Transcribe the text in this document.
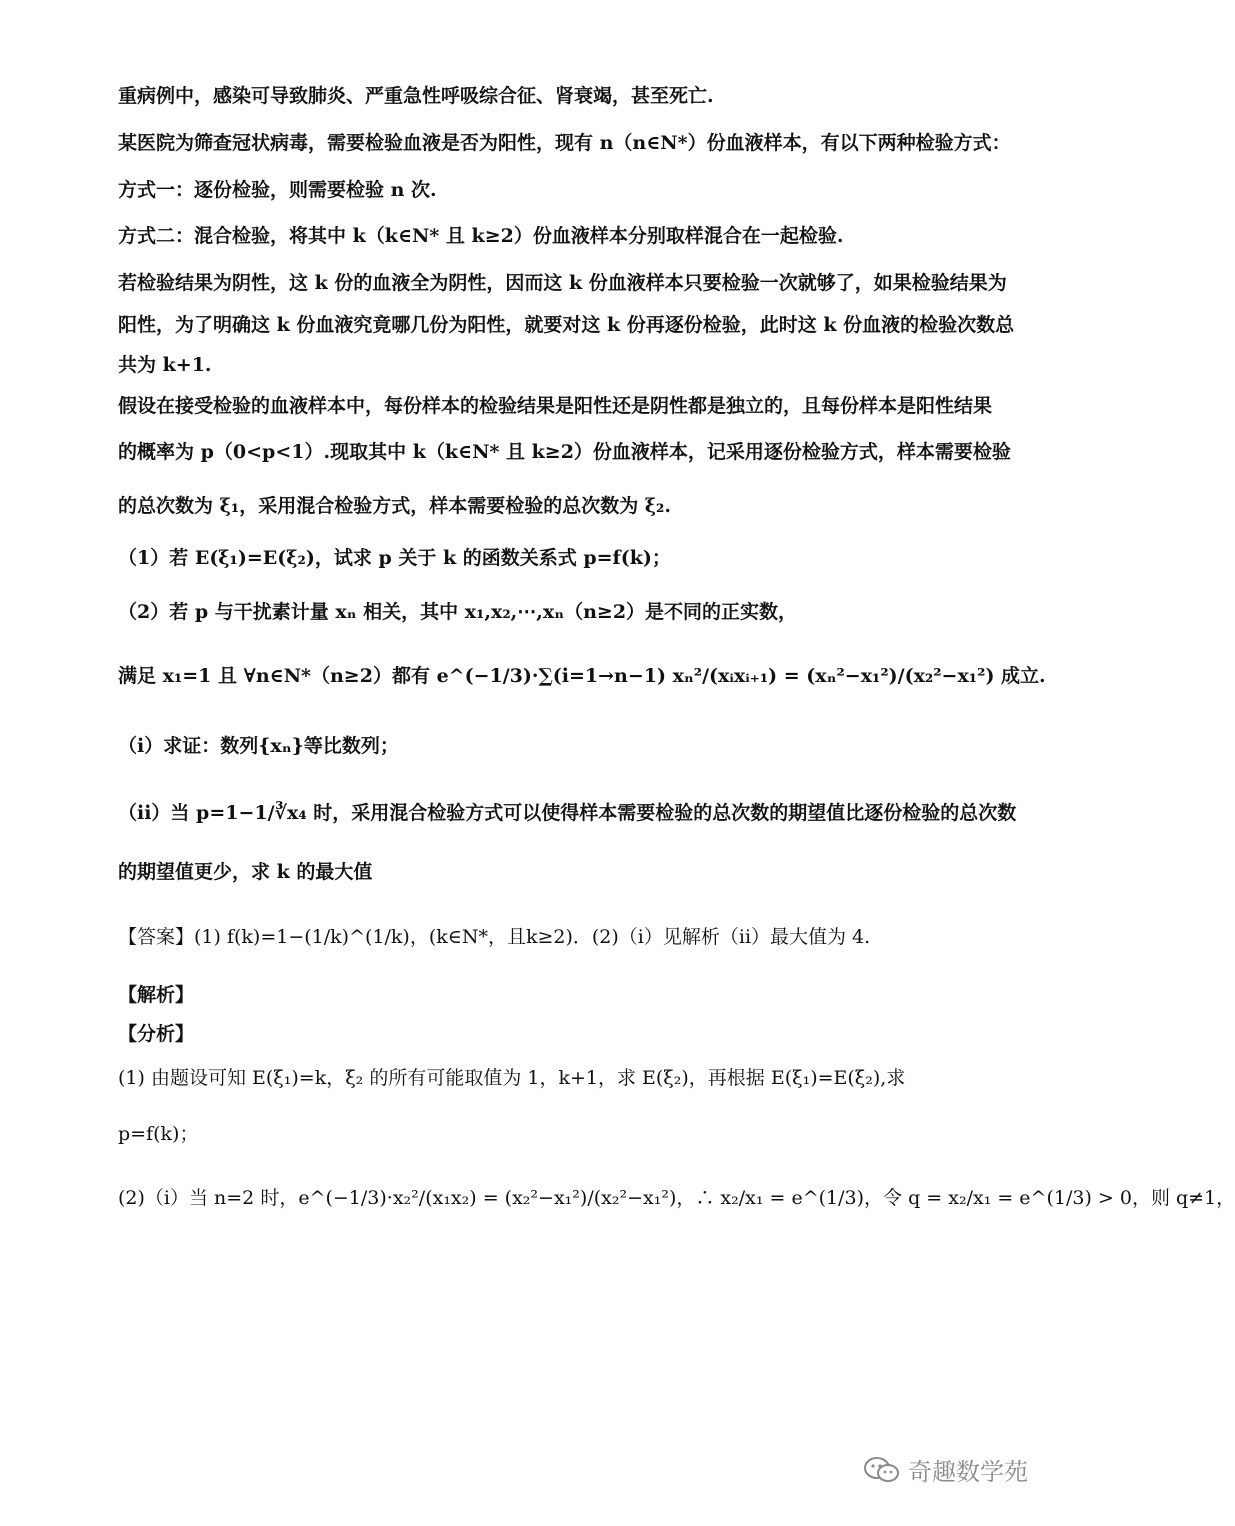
重病例中，感染可导致肺炎、严重急性呼吸综合征、肾衰竭，甚至死亡.
某医院为筛查冠状病毒，需要检验血液是否为阳性，现有 n（n∈N*）份血液样本，有以下两种检验方式：
方式一：逐份检验，则需要检验 n 次.
方式二：混合检验，将其中 k（k∈N* 且 k≥2）份血液样本分别取样混合在一起检验.
若检验结果为阴性，这 k 份的血液全为阴性，因而这 k 份血液样本只要检验一次就够了，如果检验结果为
阳性，为了明确这 k 份血液究竟哪几份为阳性，就要对这 k 份再逐份检验，此时这 k 份血液的检验次数总
共为 k+1.
假设在接受检验的血液样本中，每份样本的检验结果是阳性还是阴性都是独立的，且每份样本是阳性结果
的概率为 p（0<p<1）.现取其中 k（k∈N* 且 k≥2）份血液样本，记采用逐份检验方式，样本需要检验
的总次数为 ξ₁，采用混合检验方式，样本需要检验的总次数为 ξ₂.
（1）若 E(ξ₁)=E(ξ₂)，试求 p 关于 k 的函数关系式 p=f(k)；
（2）若 p 与干扰素计量 xₙ 相关，其中 x₁,x₂,⋯,xₙ（n≥2）是不同的正实数，
满足 x₁=1 且 ∀n∈N*（n≥2）都有 e^(−1/3)·∑(i=1→n−1) xₙ²/(xᵢxᵢ₊₁) = (xₙ²−x₁²)/(x₂²−x₁²) 成立.
（i）求证：数列{xₙ}等比数列；
（ii）当 p=1−1/∛x₄ 时，采用混合检验方式可以使得样本需要检验的总次数的期望值比逐份检验的总次数
的期望值更少，求 k 的最大值
【答案】(1) f(k)=1−(1/k)^(1/k)，(k∈N*，且k≥2)．(2)（i）见解析（ii）最大值为 4.
【解析】
【分析】
(1) 由题设可知 E(ξ₁)=k，ξ₂ 的所有可能取值为 1，k+1，求 E(ξ₂)，再根据 E(ξ₁)=E(ξ₂),求
p=f(k)；
(2)（i）当 n=2 时，e^(−1/3)·x₂²/(x₁x₂) = (x₂²−x₁²)/(x₂²−x₁²)，∴ x₂/x₁ = e^(1/3)，令 q = x₂/x₁ = e^(1/3) > 0，则 q≠1，
奇趣数学苑
